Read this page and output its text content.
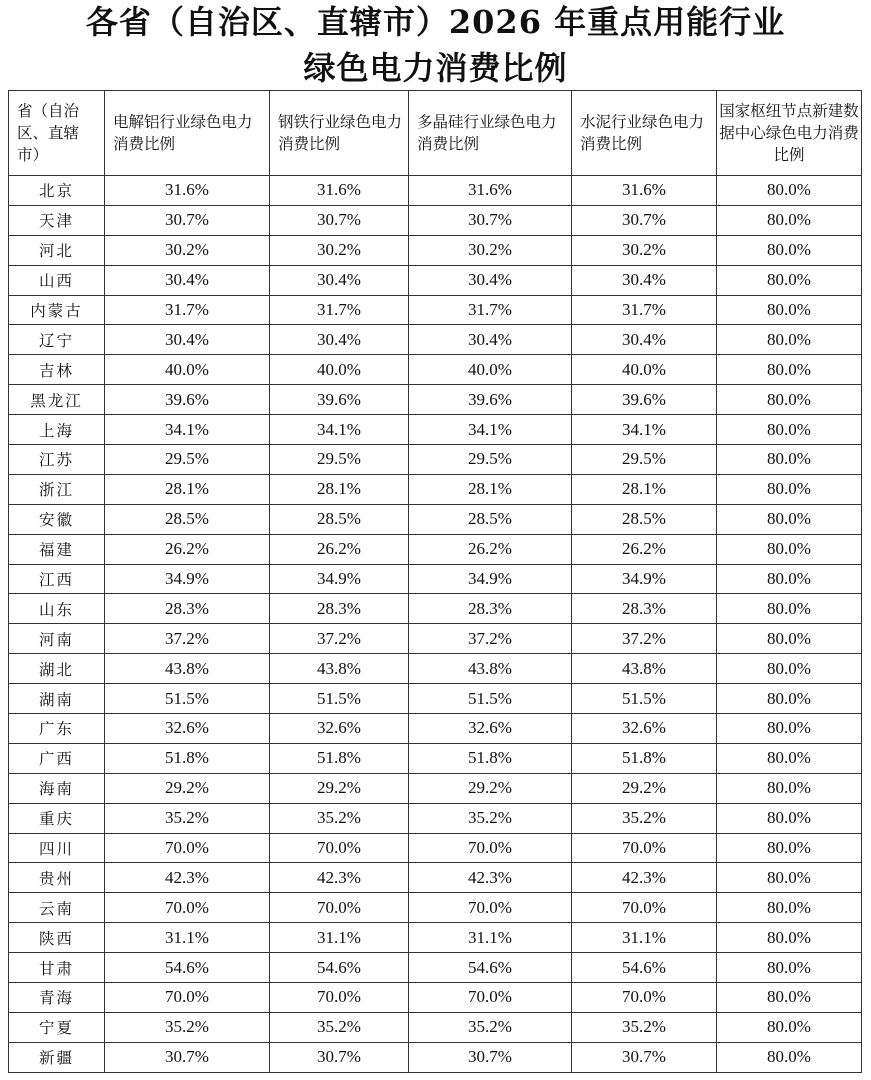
各省（自治区、直辖市）2026 年重点用能行业
绿色电力消费比例
省（自治区、直辖市）	电解铝行业绿色电力消费比例	钢铁行业绿色电力消费比例	多晶硅行业绿色电力消费比例	水泥行业绿色电力消费比例	国家枢纽节点新建数据中心绿色电力消费比例
北京	31.6%	31.6%	31.6%	31.6%	80.0%
天津	30.7%	30.7%	30.7%	30.7%	80.0%
河北	30.2%	30.2%	30.2%	30.2%	80.0%
山西	30.4%	30.4%	30.4%	30.4%	80.0%
内蒙古	31.7%	31.7%	31.7%	31.7%	80.0%
辽宁	30.4%	30.4%	30.4%	30.4%	80.0%
吉林	40.0%	40.0%	40.0%	40.0%	80.0%
黑龙江	39.6%	39.6%	39.6%	39.6%	80.0%
上海	34.1%	34.1%	34.1%	34.1%	80.0%
江苏	29.5%	29.5%	29.5%	29.5%	80.0%
浙江	28.1%	28.1%	28.1%	28.1%	80.0%
安徽	28.5%	28.5%	28.5%	28.5%	80.0%
福建	26.2%	26.2%	26.2%	26.2%	80.0%
江西	34.9%	34.9%	34.9%	34.9%	80.0%
山东	28.3%	28.3%	28.3%	28.3%	80.0%
河南	37.2%	37.2%	37.2%	37.2%	80.0%
湖北	43.8%	43.8%	43.8%	43.8%	80.0%
湖南	51.5%	51.5%	51.5%	51.5%	80.0%
广东	32.6%	32.6%	32.6%	32.6%	80.0%
广西	51.8%	51.8%	51.8%	51.8%	80.0%
海南	29.2%	29.2%	29.2%	29.2%	80.0%
重庆	35.2%	35.2%	35.2%	35.2%	80.0%
四川	70.0%	70.0%	70.0%	70.0%	80.0%
贵州	42.3%	42.3%	42.3%	42.3%	80.0%
云南	70.0%	70.0%	70.0%	70.0%	80.0%
陕西	31.1%	31.1%	31.1%	31.1%	80.0%
甘肃	54.6%	54.6%	54.6%	54.6%	80.0%
青海	70.0%	70.0%	70.0%	70.0%	80.0%
宁夏	35.2%	35.2%	35.2%	35.2%	80.0%
新疆	30.7%	30.7%	30.7%	30.7%	80.0%
